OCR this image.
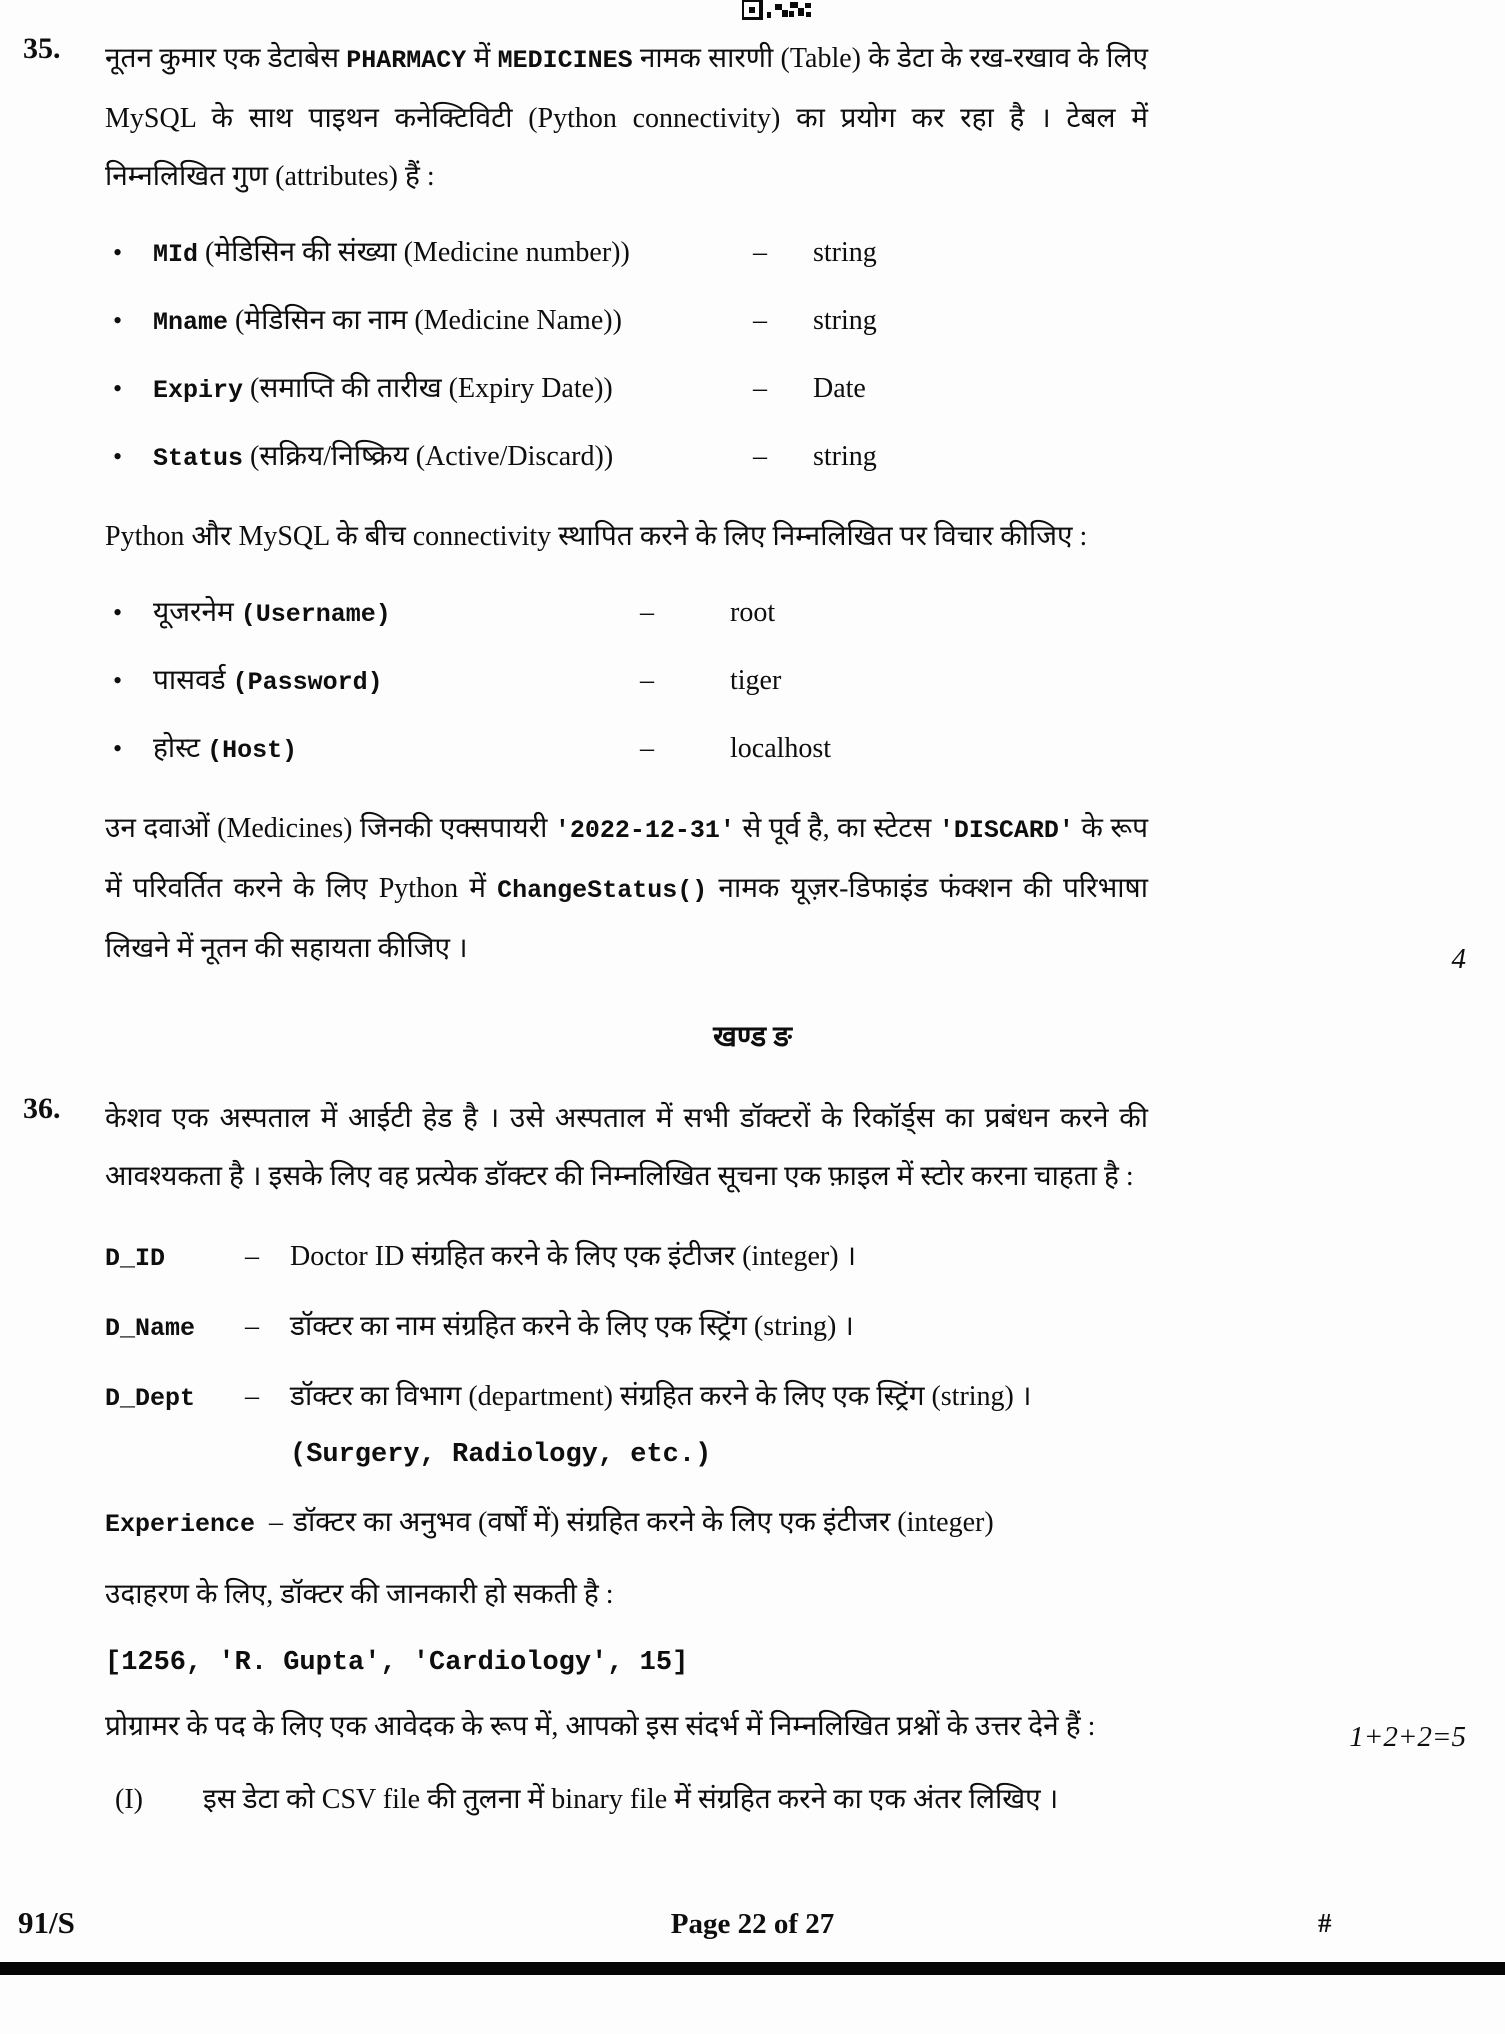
35. नूतन कुमार एक डेटाबेस PHARMACY में MEDICINES नामक सारणी (Table) के डेटा के रख-रखाव के लिए MySQL के साथ पाइथन कनेक्टिविटी (Python connectivity) का प्रयोग कर रहा है । टेबल में निम्नलिखित गुण (attributes) हैं :

•	MId (मेडिसिन की संख्या (Medicine number))	–	string
•	Mname (मेडिसिन का नाम (Medicine Name))	–	string
•	Expiry (समाप्ति की तारीख (Expiry Date))	–	Date
•	Status (सक्रिय/निष्क्रिय (Active/Discard))	–	string

Python और MySQL के बीच connectivity स्थापित करने के लिए निम्नलिखित पर विचार कीजिए :

•	यूजरनेम (Username)	–	root
•	पासवर्ड (Password)	–	tiger
•	होस्ट (Host)	–	localhost

उन दवाओं (Medicines) जिनकी एक्सपायरी '2022-12-31' से पूर्व है, का स्टेटस 'DISCARD' के रूप में परिवर्तित करने के लिए Python में ChangeStatus() नामक यूज़र-डिफाइंड फंक्शन की परिभाषा लिखने में नूतन की सहायता कीजिए ।	4
खण्ड ङ
36. केशव एक अस्पताल में आईटी हेड है । उसे अस्पताल में सभी डॉक्टरों के रिकॉर्ड्स का प्रबंधन करने की आवश्यकता है । इसके लिए वह प्रत्येक डॉक्टर की निम्नलिखित सूचना एक फ़ाइल में स्टोर करना चाहता है :

D_ID	–	Doctor ID संग्रहित करने के लिए एक इंटीजर (integer) ।
D_Name	–	डॉक्टर का नाम संग्रहित करने के लिए एक स्ट्रिंग (string) ।
D_Dept	–	डॉक्टर का विभाग (department) संग्रहित करने के लिए एक स्ट्रिंग (string) ।
(Surgery, Radiology, etc.)
Experience – डॉक्टर का अनुभव (वर्षों में) संग्रहित करने के लिए एक इंटीजर (integer)

उदाहरण के लिए, डॉक्टर की जानकारी हो सकती है :

[1256, 'R. Gupta', 'Cardiology', 15]

प्रोग्रामर के पद के लिए एक आवेदक के रूप में, आपको इस संदर्भ में निम्नलिखित प्रश्नों के उत्तर देने हैं :	1+2+2=5
(I)	इस डेटा को CSV file की तुलना में binary file में संग्रहित करने का एक अंतर लिखिए ।
91/S	Page 22 of 27	#
